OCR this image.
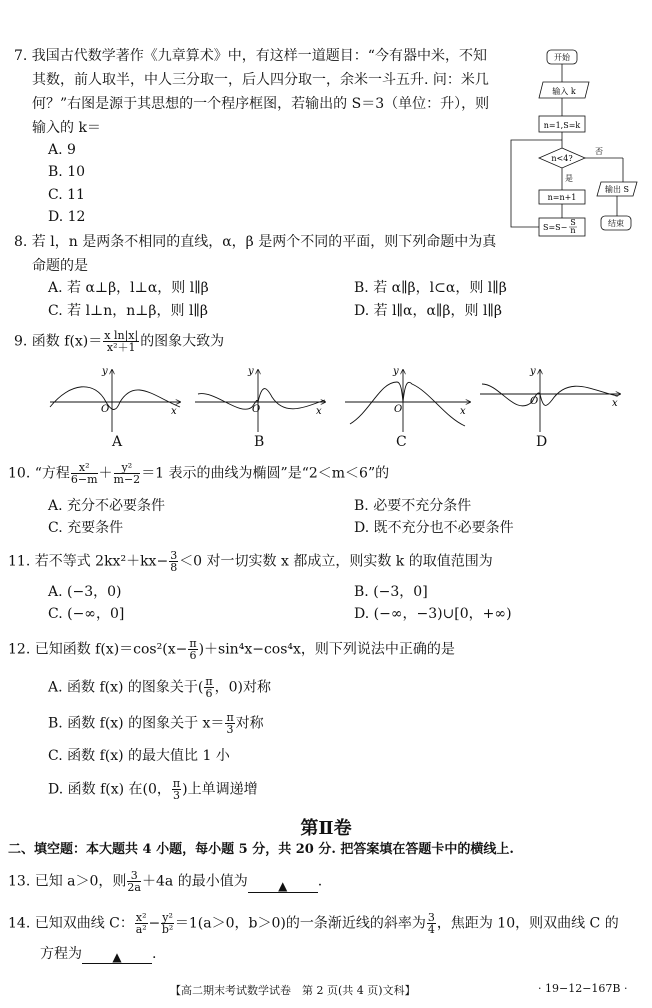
7. 我国古代数学著作《九章算术》中，有这样一道题目：“今有器中米，不知
其数，前人取半，中人三分取一，后人四分取一，余米一斗五升. 问：米几
何？”右图是源于其思想的一个程序框图，若输出的 S＝3（单位：升），则
输入的 k＝
A. 9
B. 10
C. 11
D. 12
开始
输入 k
n=1,S=k
n<4?
否
是
输出 S
n=n+1
S=S−
S
n
结束
8. 若 l，n 是两条不相同的直线，α，β 是两个不同的平面，则下列命题中为真
命题的是
A. 若 α⊥β，l⊥α，则 l∥β	B. 若 α∥β，l⊂α，则 l∥β
C. 若 l⊥n，n⊥β，则 l∥β	D. 若 l∥α，α∥β，则 l∥β
9. 函数 $f(x)= \frac{\text{x ln|x|}}{\text{x²＋1}}$ 的图象大致为
y
x
O
y
x
O
y
x
O
y
x
O
A	B	C	D
10. “方程 $\frac{\text{x²}}{6-m} + \frac{\text{y²}}{m-2} =1$ 表示的曲线为椭圆”是“2＜m＜6”的
A. 充分不必要条件	B. 必要不充分条件
C. 充要条件	D. 既不充分也不必要条件
11. 若不等式 $2kx^2+kx- \frac{3}{8} <0$ 对一切实数 x 都成立，则实数 k 的取值范围为
A. (−3，0)	B. (−3，0]
C. (−∞，0]	D. (−∞，−3)∪[0，+∞)
12. 已知函数 $f(x)=\cos^2(x- \frac{\pi}{6} )+\sin^4x-\cos^4x$，则下列说法中正确的是
A. 函数 f(x) 的图象关于( $\frac{\pi}{6}$ ，0)对称
B. 函数 f(x) 的图象关于 $x= \frac{\pi}{3}$ 对称
C. 函数 f(x) 的最大值比 1 小
D. 函数 f(x) 在(0， $\frac{\pi}{3}$ )上单调递增
第Ⅱ卷
二、填空题：本大题共 4 小题，每小题 5 分，共 20 分. 把答案填在答题卡中的横线上.
13. 已知 a＞0，则 $\frac{3}{2a} +4a$ 的最小值为	▲ .
14. 已知双曲线 C： $\frac{\text{x²}}{\text{a²}} - \frac{\text{y²}}{\text{b²}} =1(a>0$，b＞0)的一条渐近线的斜率为 $\frac{3}{4}$ ，焦距为 10，则双曲线 C 的
方程为	▲ .
【高二期末考试数学试卷　第 2 页(共 4 页)文科】	· 19−12−167B ·
